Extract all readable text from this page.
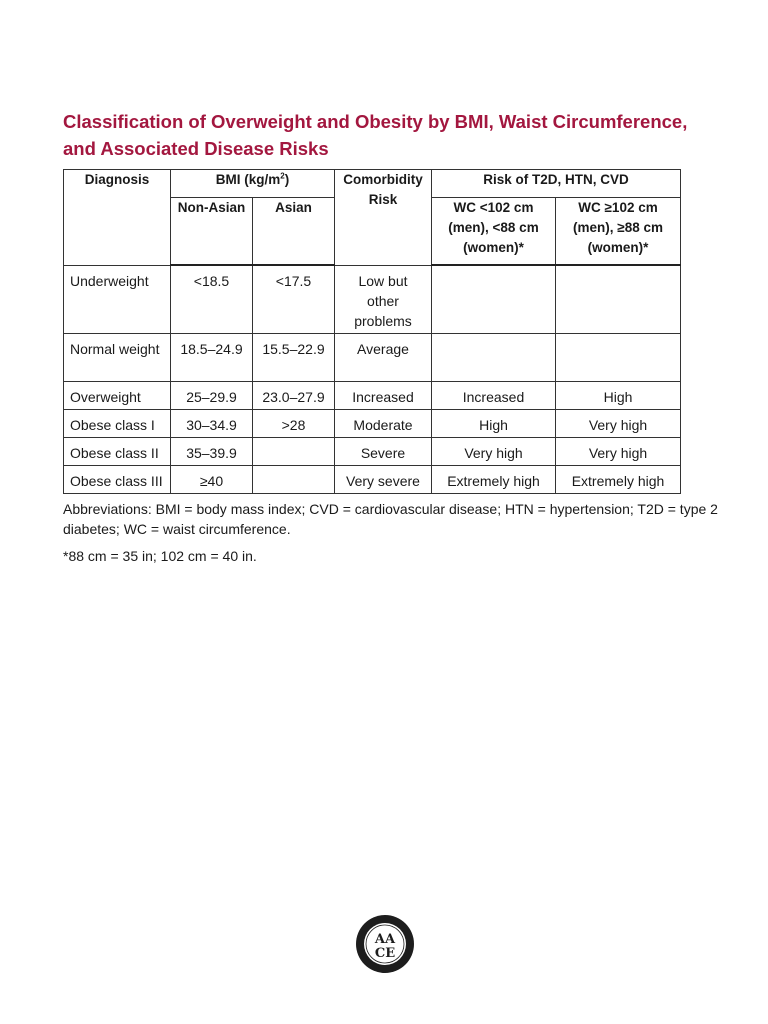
Classification of Overweight and Obesity by BMI, Waist Circumference, and Associated Disease Risks
Diagnosis	BMI $(kg/m^2)$		Comorbidity Risk	Risk of T2D, HTN, CVD	
	Non-Asian	Asian		WC <102 cm (men), <88 cm (women)*	WC ≥102 cm (men), ≥88 cm (women)*
Underweight	<18.5	<17.5	Low but other problems		
Normal weight	18.5–24.9	15.5–22.9	Average		
Overweight	25–29.9	23.0–27.9	Increased	Increased	High
Obese class I	30–34.9	>28	Moderate	High	Very high
Obese class II	35–39.9		Severe	Very high	Very high
Obese class III	≥40		Very severe	Extremely high	Extremely high

Abbreviations: BMI = body mass index; CVD = cardiovascular disease; HTN = hypertension; T2D = type 2 diabetes; WC = waist circumference.

*88 cm = 35 in; 102 cm = 40 in.

AA
CE
